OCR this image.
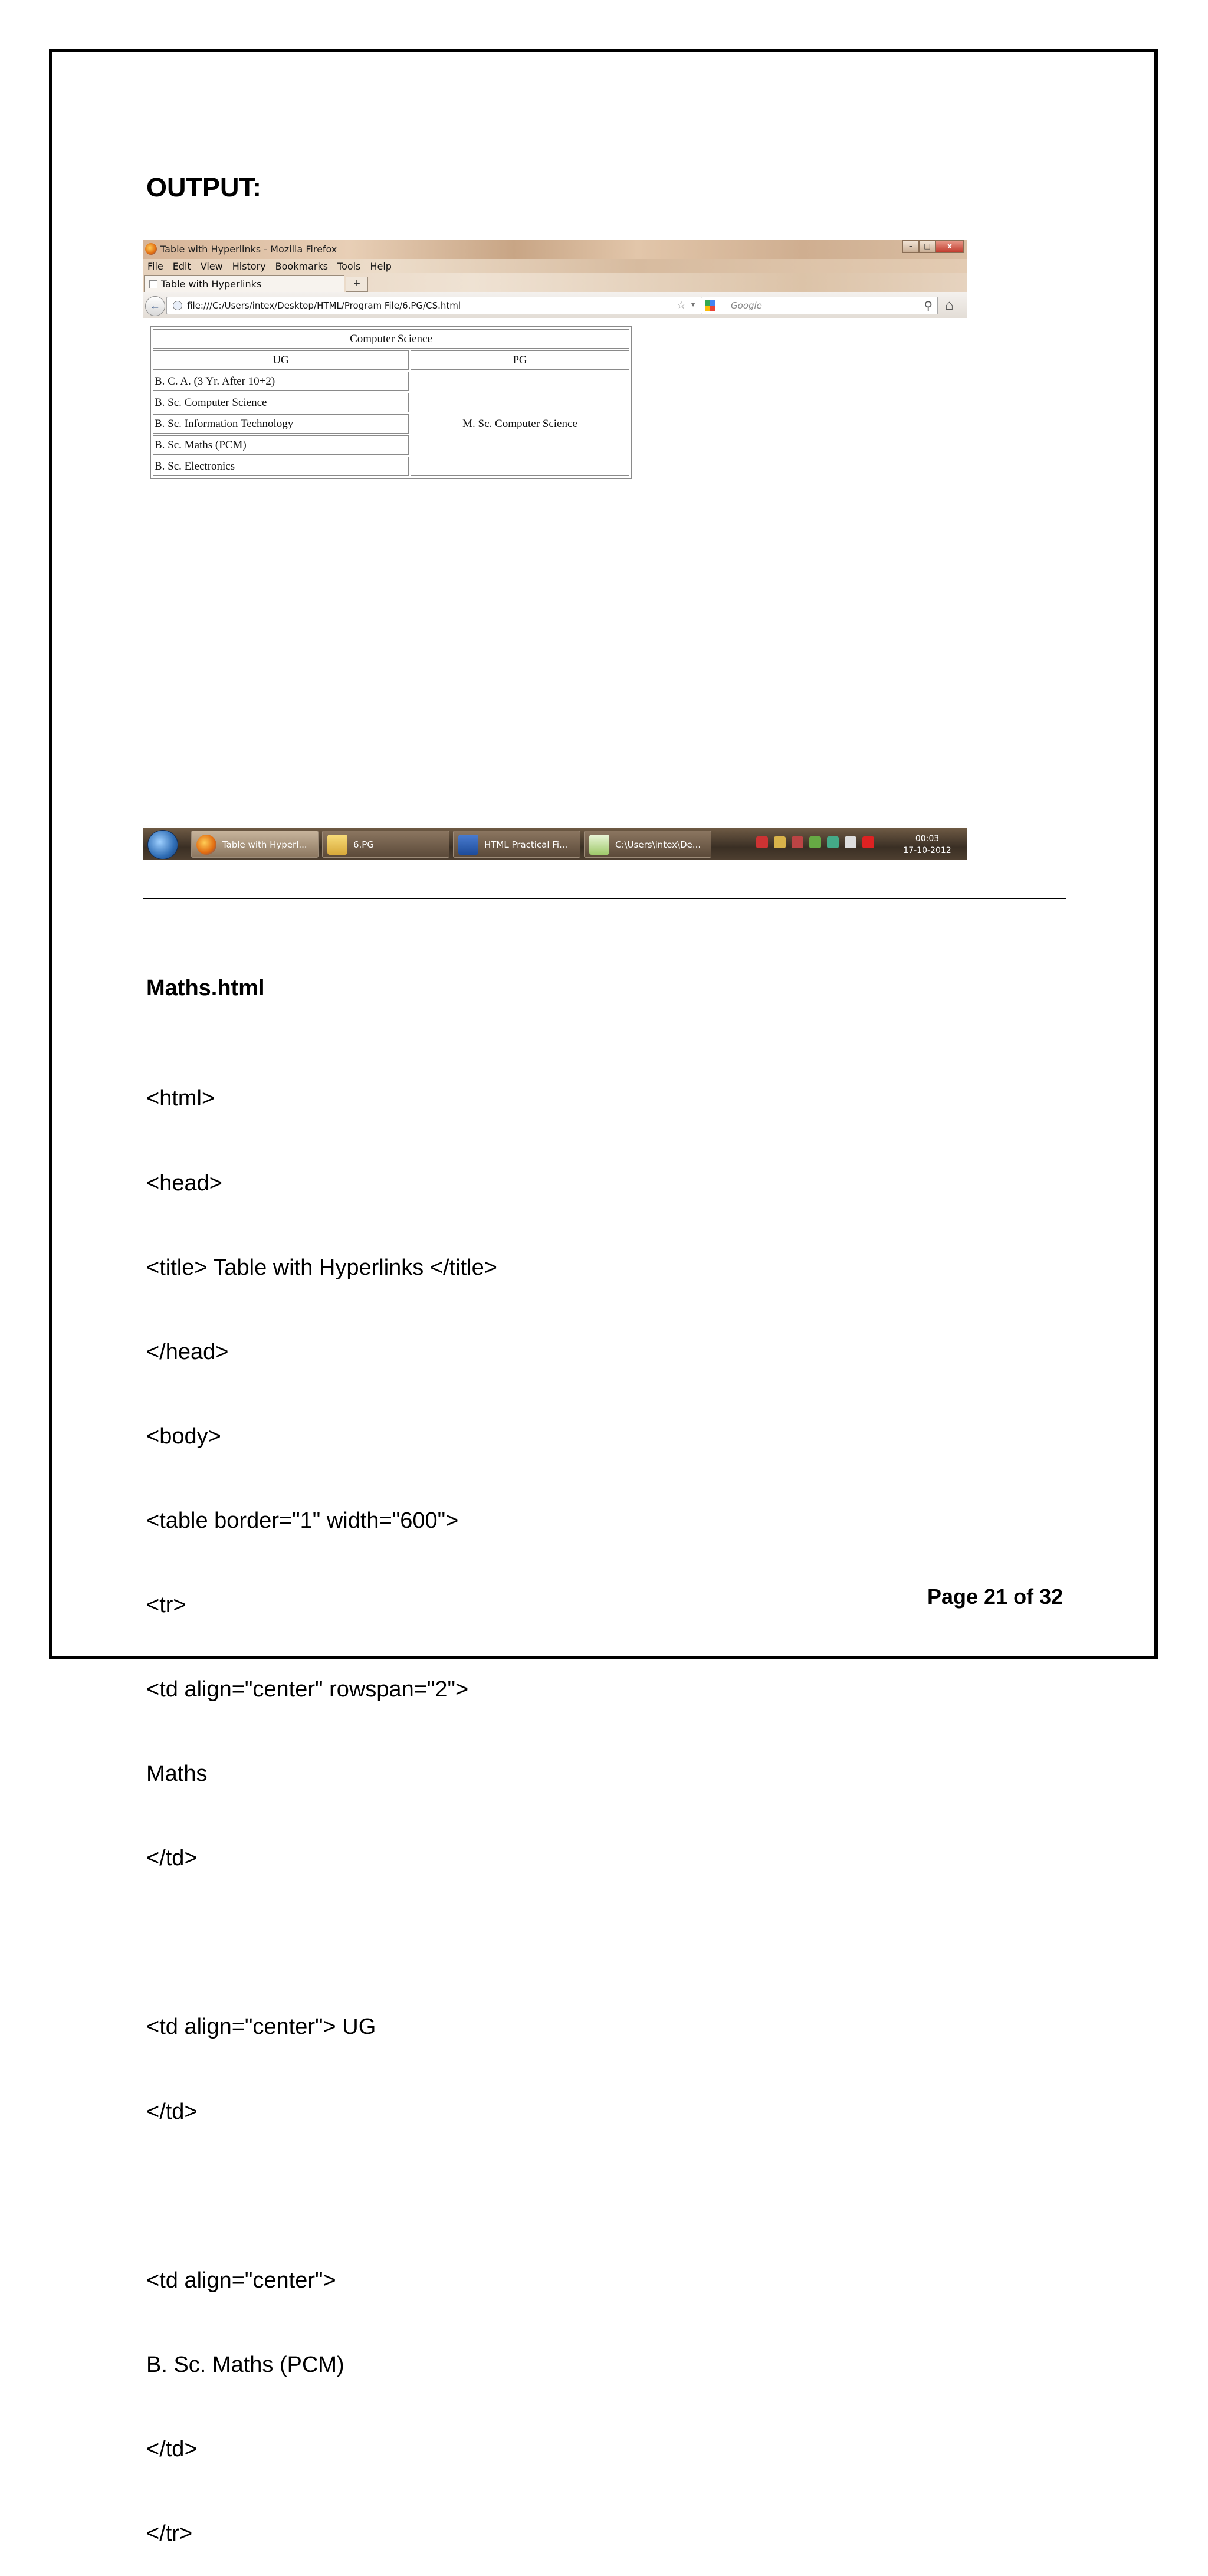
OUTPUT:
Table with Hyperlinks - Mozilla Firefox	–	□	x
File Edit View History Bookmarks Tools Help
Table with Hyperlinks	+
←	file:///C:/Users/intex/Desktop/HTML/Program File/6.PG/CS.html	☆ ▼	Google	⚲ ⌂
Computer Science	
UG	PG
B. C. A. (3 Yr. After 10+2)	M. Sc. Computer Science
B. Sc. Computer Science	
B. Sc. Information Technology	
B. Sc. Maths (PCM)	
B. Sc. Electronics	
Table with Hyperl...	6.PG	HTML Practical Fi...	C:\Users\intex\De...
00:03
17-10-2012
Maths.html

<html>

<head>

<title> Table with Hyperlinks </title>

</head>

<body>

<table border="1" width="600">

<tr>

<td align="center" rowspan="2">

Maths

</td>

<td align="center"> UG

</td>

<td align="center">

B. Sc. Maths (PCM)

</td>

</tr>

Page 21 of 32
